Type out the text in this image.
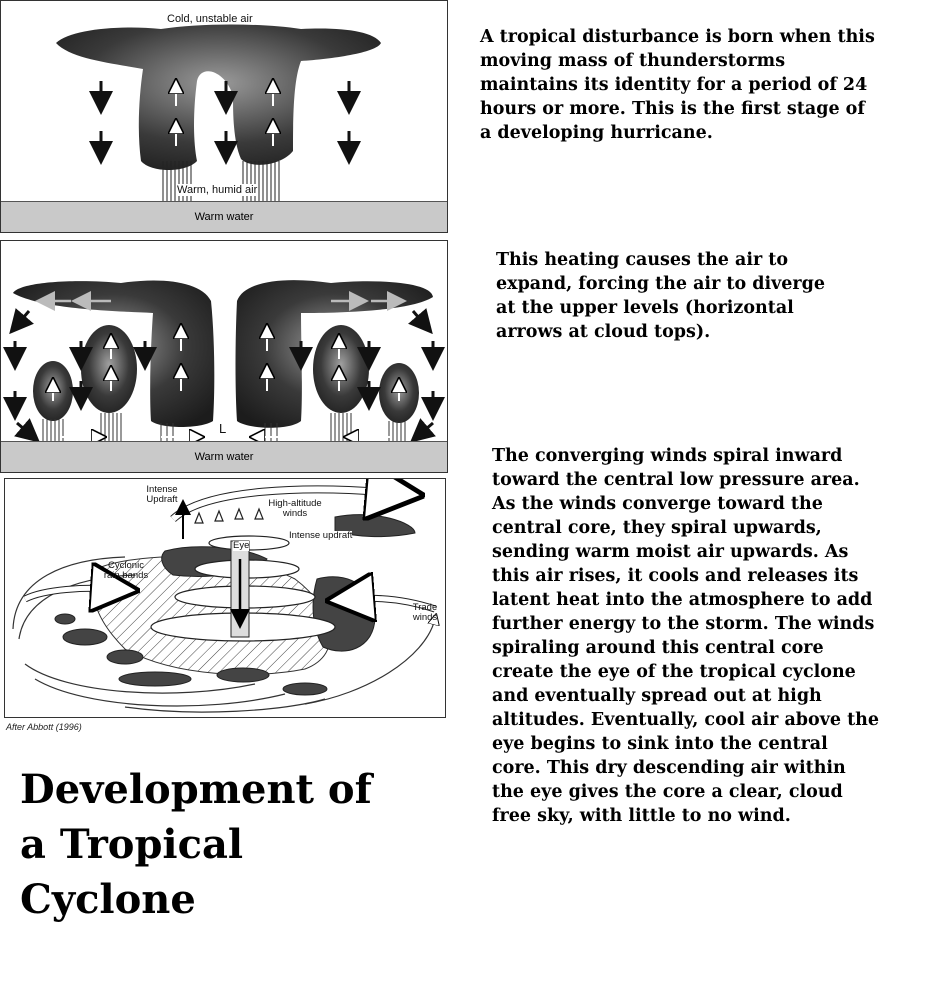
Cold, unstable air
Warm, humid air
Warm water
L
Warm water
Intense Updraft	High-altitude winds
Intense updraft
Eye
Cyclonic rain bands
Trade winds
After Abbott (1996)
A tropical disturbance is born when this moving mass of thunderstorms maintains its identity for a period of 24 hours or more. This is the first stage of a developing hurricane.
This heating causes the air to expand, forcing the air to diverge at the upper levels (horizontal arrows at cloud tops).
The converging winds spiral inward toward the central low pressure area. As the winds converge toward the central core, they spiral upwards, sending warm moist air upwards. As this air rises, it cools and releases its latent heat into the atmosphere to add further energy to the storm. The winds spiraling around this central core create the eye of the tropical cyclone and eventually spread out at high altitudes. Eventually, cool air above the eye begins to sink into the central core. This dry descending air within the eye gives the core a clear, cloud free sky, with little to no wind.
Development of a Tropical Cyclone
